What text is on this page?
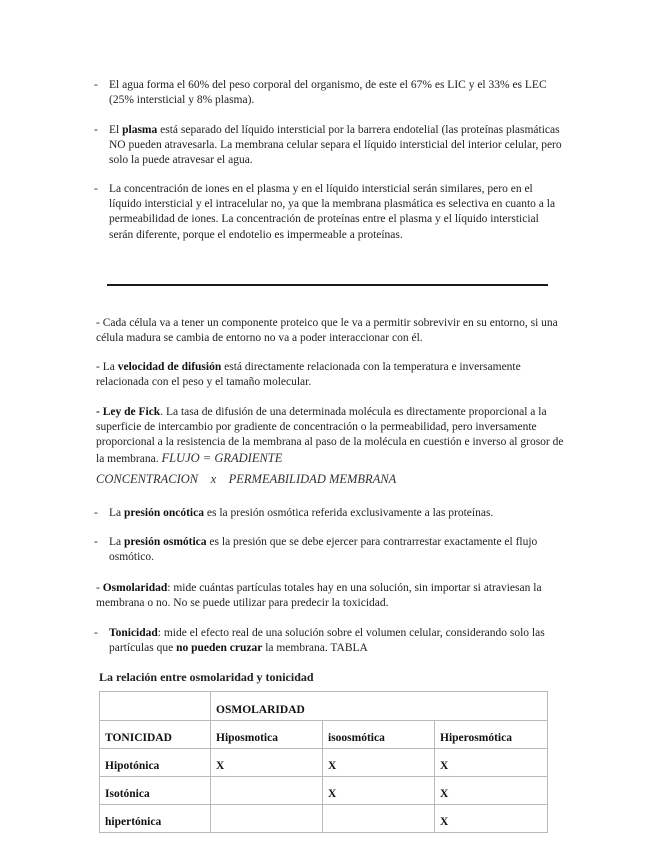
- El agua forma el 60% del peso corporal del organismo, de este el 67% es LIC y el 33% es LEC (25% intersticial y 8% plasma).
- El plasma está separado del líquido intersticial por la barrera endotelial (las proteínas plasmáticas NO pueden atravesarla. La membrana celular separa el líquido intersticial del interior celular, pero solo la puede atravesar el agua.
- La concentración de iones en el plasma y en el líquido intersticial serán similares, pero en el líquido intersticial y el intracelular no, ya que la membrana plasmática es selectiva en cuanto a la permeabilidad de iones. La concentración de proteínas entre el plasma y el líquido intersticial serán diferente, porque el endotelio es impermeable a proteínas.
- Cada célula va a tener un componente proteico que le va a permitir sobrevivir en su entorno, si una célula madura se cambia de entorno no va a poder interaccionar con él.
- La velocidad de difusión está directamente relacionada con la temperatura e inversamente relacionada con el peso y el tamaño molecular.
- Ley de Fick. La tasa de difusión de una determinada molécula es directamente proporcional a la superficie de intercambio por gradiente de concentración o la permeabilidad, pero inversamente proporcional a la resistencia de la membrana al paso de la molécula en cuestión e inverso al grosor de la membrana. FLUJO = GRADIENTE
CONCENTRACION    x    PERMEABILIDAD MEMBRANA
- La presión oncótica es la presión osmótica referida exclusivamente a las proteínas.
- La presión osmótica es la presión que se debe ejercer para contrarrestar exactamente el flujo osmótico.
- Osmolaridad: mide cuántas partículas totales hay en una solución, sin importar si atraviesan la membrana o no. No se puede utilizar para predecir la toxicidad.
- Tonicidad: mide el efecto real de una solución sobre el volumen celular, considerando solo las partículas que no pueden cruzar la membrana. TABLA
La relación entre osmolaridad y tonicidad
	OSMOLARIDAD		
TONICIDAD	Hiposmotica	isoosmótica	Hiperosmótica
Hipotónica	X	X	X
Isotónica		X	X
hipertónica			X
